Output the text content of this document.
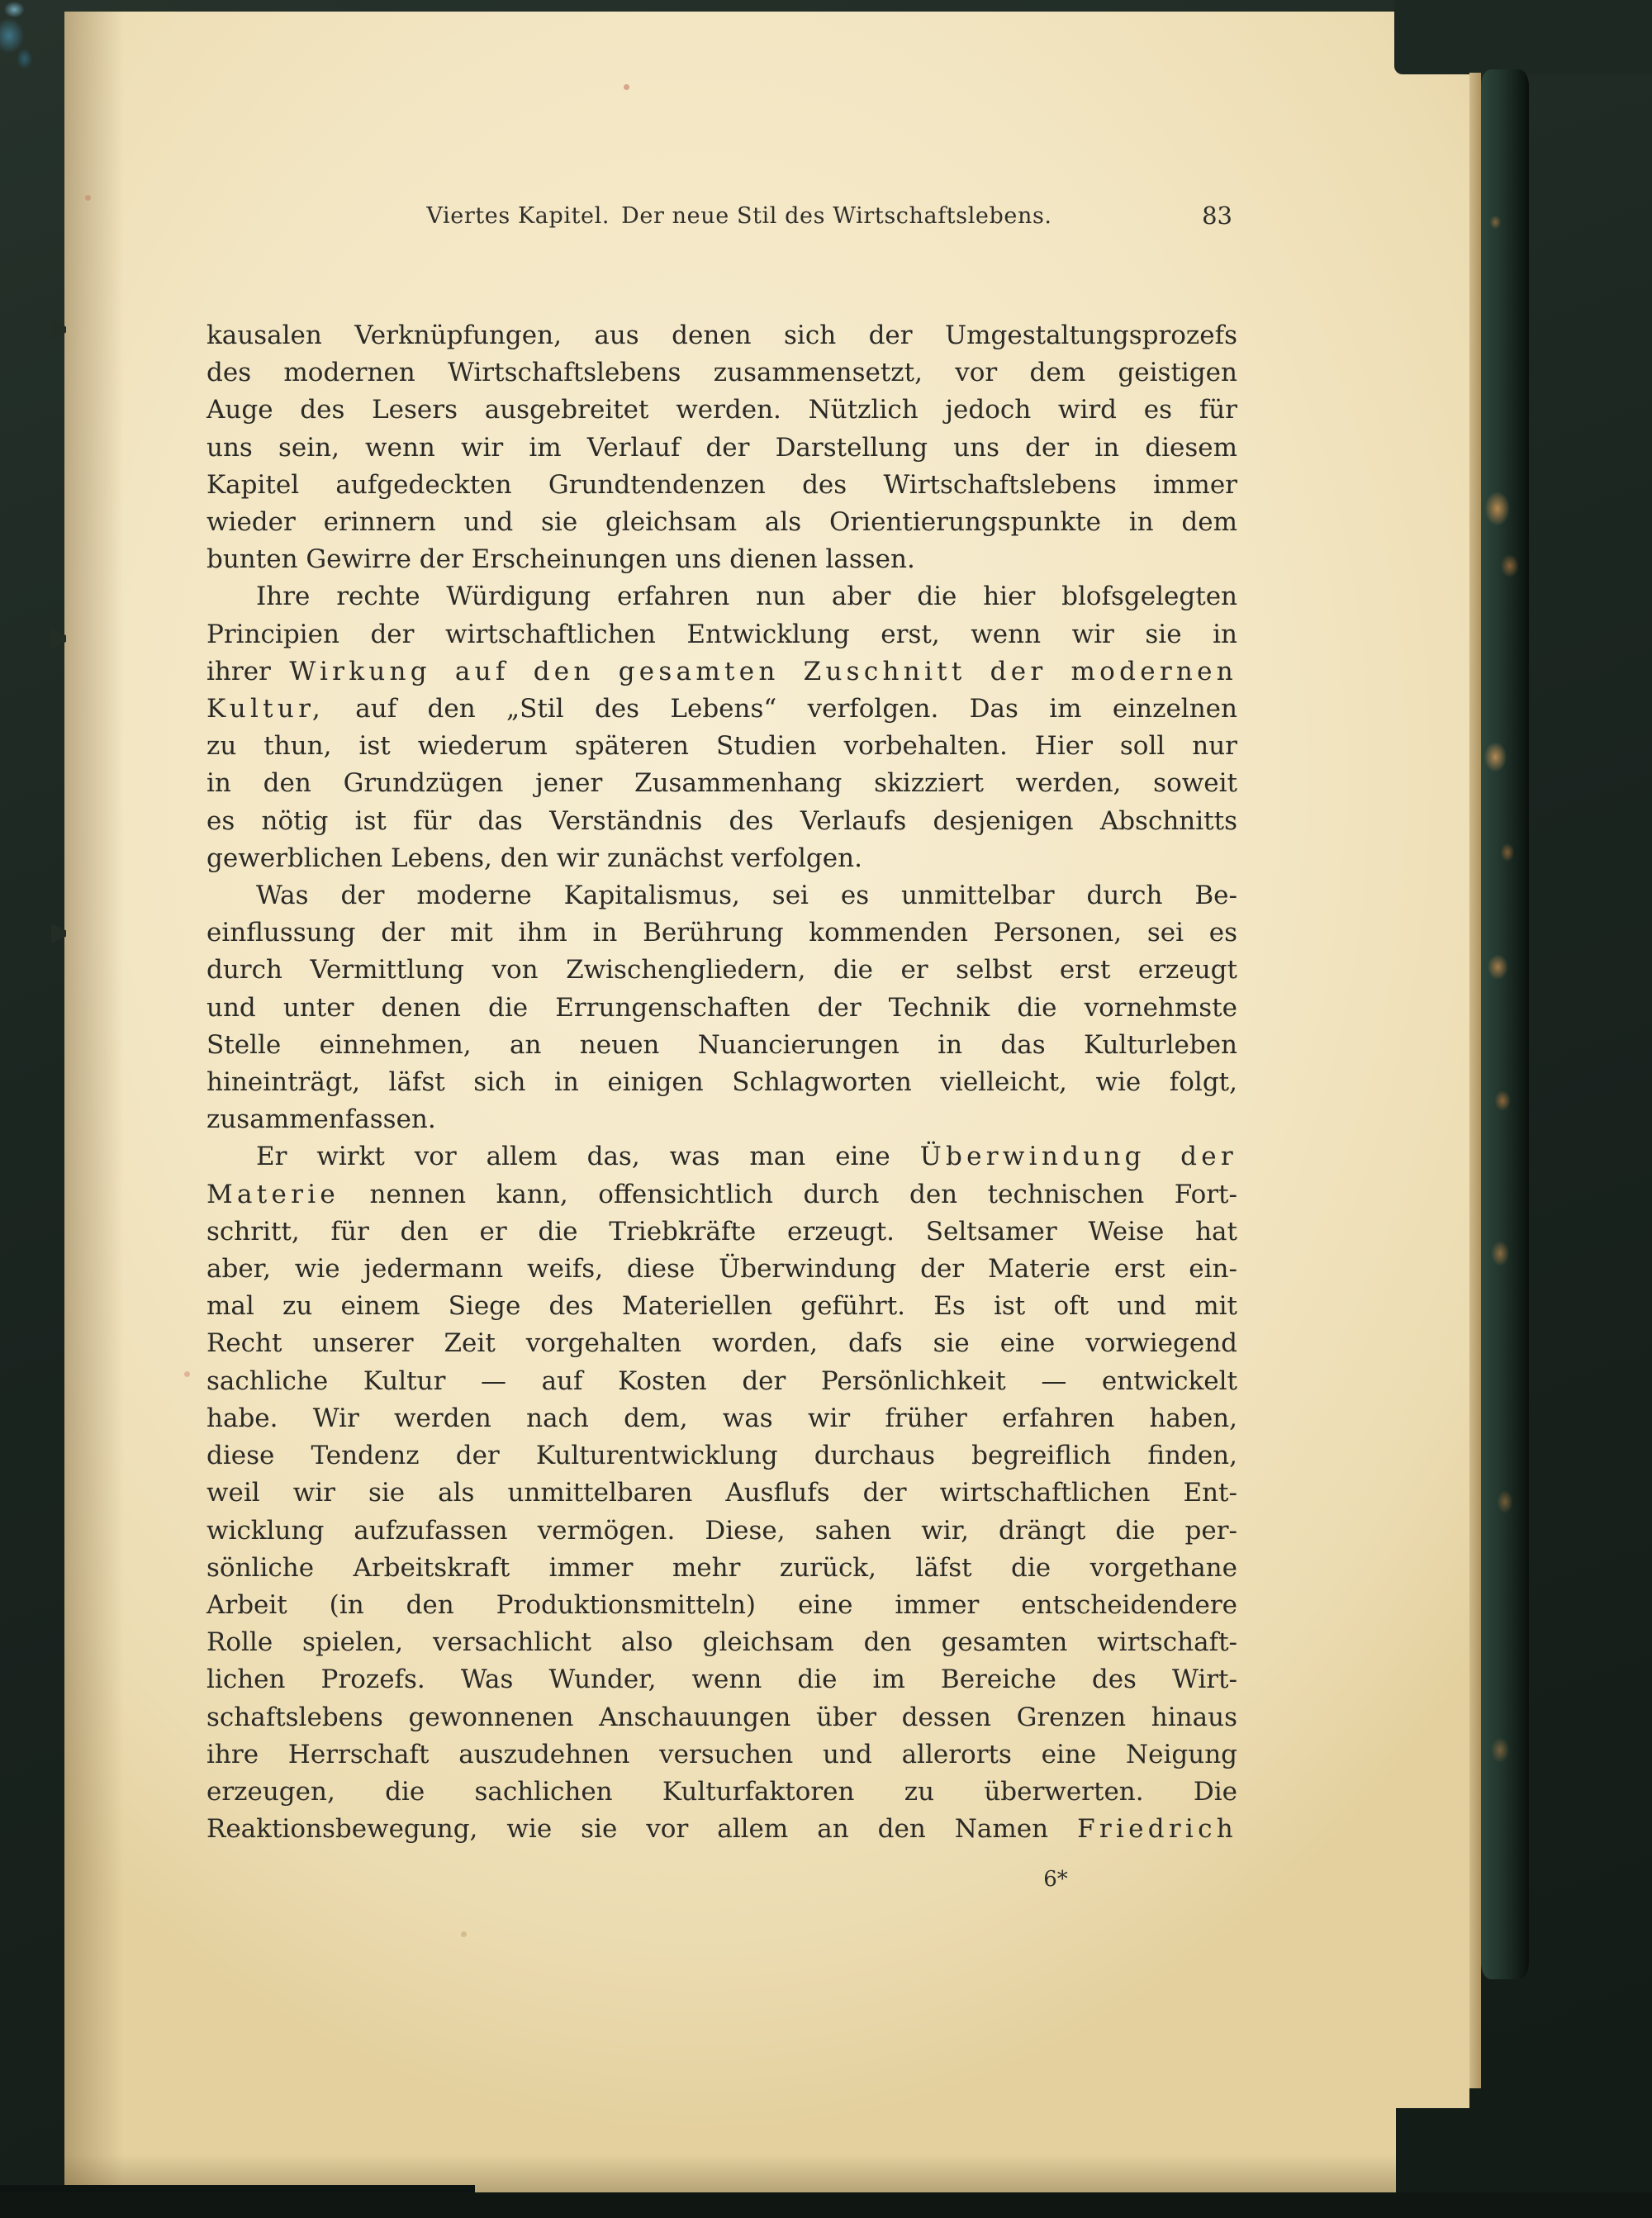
Viertes Kapitel. Der neue Stil des Wirtschaftslebens.	83
kausalen Verknüpfungen, aus denen sich der Umgestaltungsprozefs
des modernen Wirtschaftslebens zusammensetzt, vor dem geistigen
Auge des Lesers ausgebreitet werden. Nützlich jedoch wird es für
uns sein, wenn wir im Verlauf der Darstellung uns der in diesem
Kapitel aufgedeckten Grundtendenzen des Wirtschaftslebens immer
wieder erinnern und sie gleichsam als Orientierungspunkte in dem
bunten Gewirre der Erscheinungen uns dienen lassen.
Ihre rechte Würdigung erfahren nun aber die hier blofsgelegten
Principien der wirtschaftlichen Entwicklung erst, wenn wir sie in
ihrer Wirkung auf den gesamten Zuschnitt der modernen
Kultur, auf den „Stil des Lebens“ verfolgen. Das im einzelnen
zu thun, ist wiederum späteren Studien vorbehalten. Hier soll nur
in den Grundzügen jener Zusammenhang skizziert werden, soweit
es nötig ist für das Verständnis des Verlaufs desjenigen Abschnitts
gewerblichen Lebens, den wir zunächst verfolgen.
Was der moderne Kapitalismus, sei es unmittelbar durch Be-
einflussung der mit ihm in Berührung kommenden Personen, sei es
durch Vermittlung von Zwischengliedern, die er selbst erst erzeugt
und unter denen die Errungenschaften der Technik die vornehmste
Stelle einnehmen, an neuen Nuancierungen in das Kulturleben
hineinträgt, läfst sich in einigen Schlagworten vielleicht, wie folgt,
zusammenfassen.
Er wirkt vor allem das, was man eine Überwindung der
Materie nennen kann, offensichtlich durch den technischen Fort-
schritt, für den er die Triebkräfte erzeugt. Seltsamer Weise hat
aber, wie jedermann weifs, diese Überwindung der Materie erst ein-
mal zu einem Siege des Materiellen geführt. Es ist oft und mit
Recht unserer Zeit vorgehalten worden, dafs sie eine vorwiegend
sachliche Kultur — auf Kosten der Persönlichkeit — entwickelt
habe. Wir werden nach dem, was wir früher erfahren haben,
diese Tendenz der Kulturentwicklung durchaus begreiflich finden,
weil wir sie als unmittelbaren Ausflufs der wirtschaftlichen Ent-
wicklung aufzufassen vermögen. Diese, sahen wir, drängt die per-
sönliche Arbeitskraft immer mehr zurück, läfst die vorgethane
Arbeit (in den Produktionsmitteln) eine immer entscheidendere
Rolle spielen, versachlicht also gleichsam den gesamten wirtschaft-
lichen Prozefs. Was Wunder, wenn die im Bereiche des Wirt-
schaftslebens gewonnenen Anschauungen über dessen Grenzen hinaus
ihre Herrschaft auszudehnen versuchen und allerorts eine Neigung
erzeugen, die sachlichen Kulturfaktoren zu überwerten. Die
Reaktionsbewegung, wie sie vor allem an den Namen Friedrich
6*
